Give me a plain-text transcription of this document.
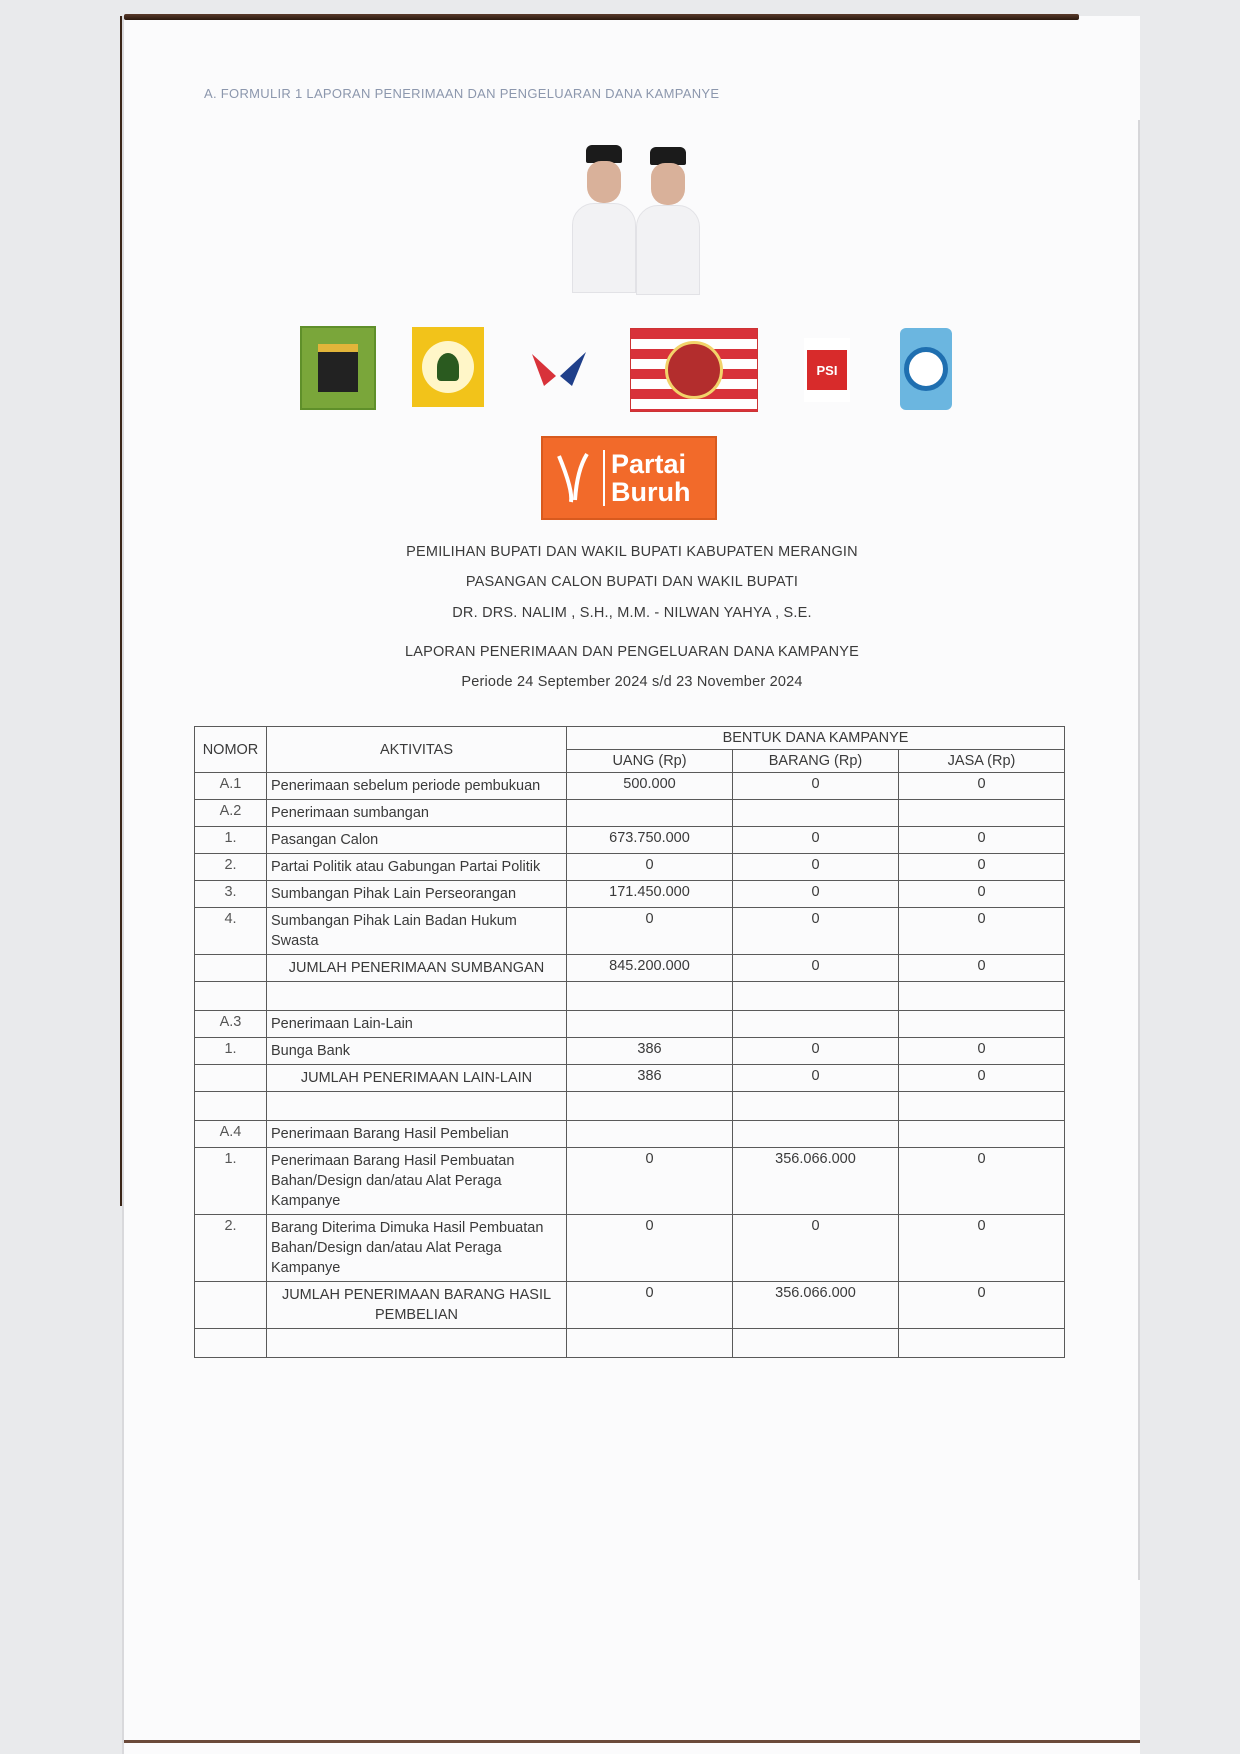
A. FORMULIR 1 LAPORAN PENERIMAAN DAN PENGELUARAN DANA KAMPANYE
PSI
Partai
Buruh
PEMILIHAN BUPATI DAN WAKIL BUPATI KABUPATEN MERANGIN
PASANGAN CALON BUPATI DAN WAKIL BUPATI
DR. DRS. NALIM , S.H., M.M. - NILWAN YAHYA , S.E.
LAPORAN PENERIMAAN DAN PENGELUARAN DANA KAMPANYE
Periode 24 September 2024 s/d 23 November 2024
NOMOR	AKTIVITAS	BENTUK DANA KAMPANYE		
		UANG (Rp)	BARANG (Rp)	JASA (Rp)
A.1	Penerimaan sebelum periode pembukuan	500.000	0	0
A.2	Penerimaan sumbangan			
1.	Pasangan Calon	673.750.000	0	0
2.	Partai Politik atau Gabungan Partai Politik	0	0	0
3.	Sumbangan Pihak Lain Perseorangan	171.450.000	0	0
4.	Sumbangan Pihak Lain Badan Hukum Swasta	0	0	0
	JUMLAH PENERIMAAN SUMBANGAN	845.200.000	0	0

A.3	Penerimaan Lain-Lain			
1.	Bunga Bank	386	0	0
	JUMLAH PENERIMAAN LAIN-LAIN	386	0	0

A.4	Penerimaan Barang Hasil Pembelian			
1.	Penerimaan Barang Hasil Pembuatan Bahan/Design dan/atau Alat Peraga Kampanye	0	356.066.000	0
2.	Barang Diterima Dimuka Hasil Pembuatan Bahan/Design dan/atau Alat Peraga Kampanye	0	0	0
	JUMLAH PENERIMAAN BARANG HASIL PEMBELIAN	0	356.066.000	0
